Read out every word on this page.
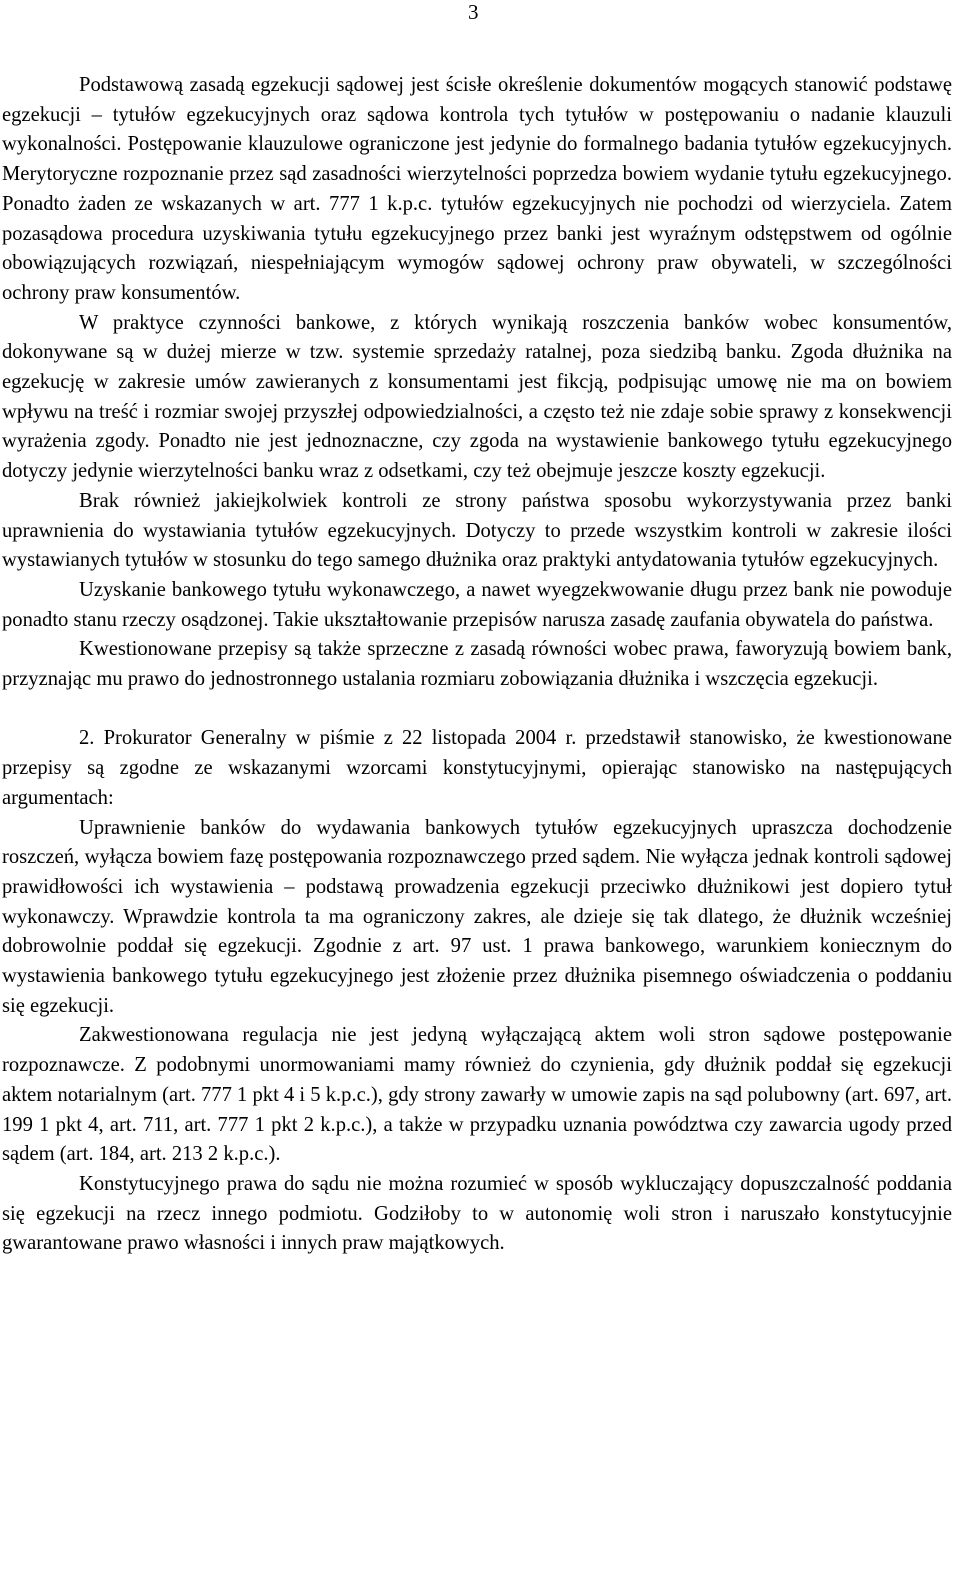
3

Podstawową zasadą egzekucji sądowej jest ścisłe określenie dokumentów mogących stanowić podstawę egzekucji – tytułów egzekucyjnych oraz sądowa kontrola tych tytułów w postępowaniu o nadanie klauzuli wykonalności. Postępowanie klauzulowe ograniczone jest jedynie do formalnego badania tytułów egzekucyjnych. Merytoryczne rozpoznanie przez sąd zasadności wierzytelności poprzedza bowiem wydanie tytułu egzekucyjnego. Ponadto żaden ze wskazanych w art. 777 1 k.p.c. tytułów egzekucyjnych nie pochodzi od wierzyciela. Zatem pozasądowa procedura uzyskiwania tytułu egzekucyjnego przez banki jest wyraźnym odstępstwem od ogólnie obowiązujących rozwiązań, niespełniającym wymogów sądowej ochrony praw obywateli, w szczególności ochrony praw konsumentów.

W praktyce czynności bankowe, z których wynikają roszczenia banków wobec konsumentów, dokonywane są w dużej mierze w tzw. systemie sprzedaży ratalnej, poza siedzibą banku. Zgoda dłużnika na egzekucję w zakresie umów zawieranych z konsumentami jest fikcją, podpisując umowę nie ma on bowiem wpływu na treść i rozmiar swojej przyszłej odpowiedzialności, a często też nie zdaje sobie sprawy z konsekwencji wyrażenia zgody. Ponadto nie jest jednoznaczne, czy zgoda na wystawienie bankowego tytułu egzekucyjnego dotyczy jedynie wierzytelności banku wraz z odsetkami, czy też obejmuje jeszcze koszty egzekucji.

Brak również jakiejkolwiek kontroli ze strony państwa sposobu wykorzystywania przez banki uprawnienia do wystawiania tytułów egzekucyjnych. Dotyczy to przede wszystkim kontroli w zakresie ilości wystawianych tytułów w stosunku do tego samego dłużnika oraz praktyki antydatowania tytułów egzekucyjnych.

Uzyskanie bankowego tytułu wykonawczego, a nawet wyegzekwowanie długu przez bank nie powoduje ponadto stanu rzeczy osądzonej. Takie ukształtowanie przepisów narusza zasadę zaufania obywatela do państwa.

Kwestionowane przepisy są także sprzeczne z zasadą równości wobec prawa, faworyzują bowiem bank, przyznając mu prawo do jednostronnego ustalania rozmiaru zobowiązania dłużnika i wszczęcia egzekucji.

2. Prokurator Generalny w piśmie z 22 listopada 2004 r. przedstawił stanowisko, że kwestionowane przepisy są zgodne ze wskazanymi wzorcami konstytucyjnymi, opierając stanowisko na następujących argumentach:

Uprawnienie banków do wydawania bankowych tytułów egzekucyjnych upraszcza dochodzenie roszczeń, wyłącza bowiem fazę postępowania rozpoznawczego przed sądem. Nie wyłącza jednak kontroli sądowej prawidłowości ich wystawienia – podstawą prowadzenia egzekucji przeciwko dłużnikowi jest dopiero tytuł wykonawczy. Wprawdzie kontrola ta ma ograniczony zakres, ale dzieje się tak dlatego, że dłużnik wcześniej dobrowolnie poddał się egzekucji. Zgodnie z art. 97 ust. 1 prawa bankowego, warunkiem koniecznym do wystawienia bankowego tytułu egzekucyjnego jest złożenie przez dłużnika pisemnego oświadczenia o poddaniu się egzekucji.

Zakwestionowana regulacja nie jest jedyną wyłączającą aktem woli stron sądowe postępowanie rozpoznawcze. Z podobnymi unormowaniami mamy również do czynienia, gdy dłużnik poddał się egzekucji aktem notarialnym (art. 777 1 pkt 4 i 5 k.p.c.), gdy strony zawarły w umowie zapis na sąd polubowny (art. 697, art. 199 1 pkt 4, art. 711, art. 777 1 pkt 2 k.p.c.), a także w przypadku uznania powództwa czy zawarcia ugody przed sądem (art. 184, art. 213 2 k.p.c.).

Konstytucyjnego prawa do sądu nie można rozumieć w sposób wykluczający dopuszczalność poddania się egzekucji na rzecz innego podmiotu. Godziłoby to w autonomię woli stron i naruszało konstytucyjnie gwarantowane prawo własności i innych praw majątkowych.
